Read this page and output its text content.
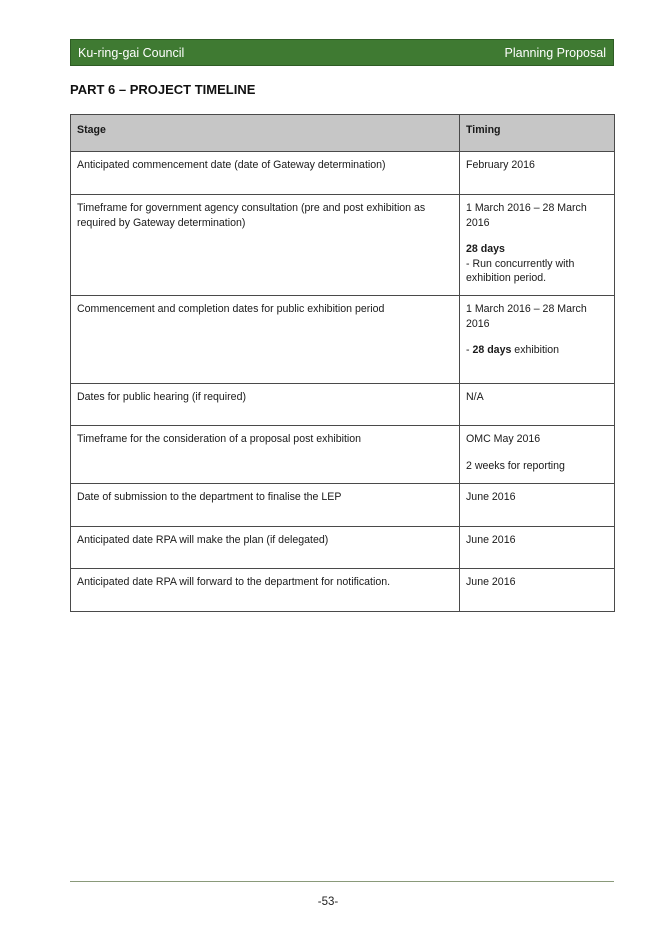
Ku-ring-gai Council	Planning Proposal
PART 6 – PROJECT TIMELINE
Stage	Timing
Anticipated commencement date (date of Gateway determination)	February 2016
Timeframe for government agency consultation (pre and post exhibition as required by Gateway determination)	1 March 2016 – 28 March 2016
28 days
- Run concurrently with exhibition period.

Commencement and completion dates for public exhibition period	1 March 2016 – 28 March 2016
- 28 days exhibition

Dates for public hearing (if required)	N/A
Timeframe for the consideration of a proposal post exhibition	OMC May 2016
2 weeks for reporting

Date of submission to the department to finalise the LEP	June 2016
Anticipated date RPA will make the plan (if delegated)	June 2016
Anticipated date RPA will forward to the department for notification.	June 2016
-53-
